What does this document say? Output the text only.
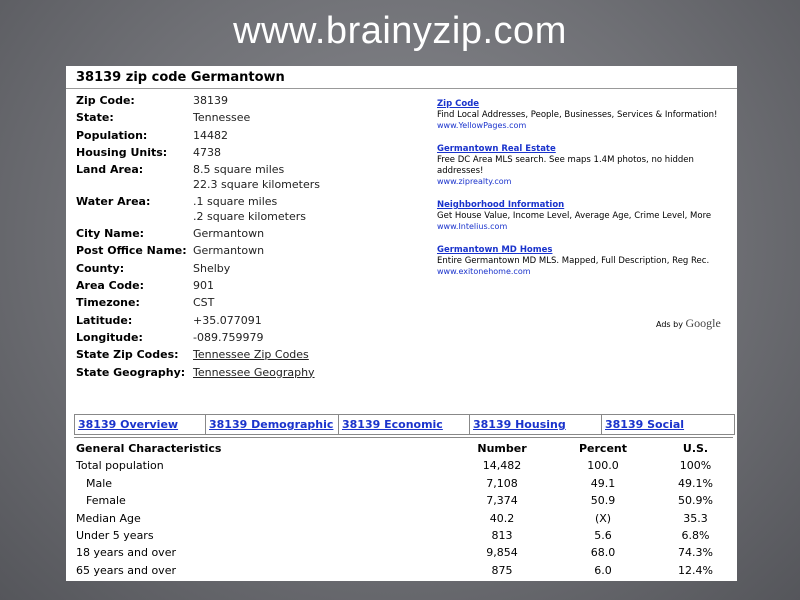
www.brainyzip.com
38139 zip code Germantown
Zip Code:	38139
State:	Tennessee
Population:	14482
Housing Units:	4738
Land Area:	8.5 square miles
22.3 square kilometers
Water Area:	.1 square miles
.2 square kilometers
City Name:	Germantown
Post Office Name: Germantown
County:	Shelby
Area Code:	901
Timezone:	CST
Latitude:	+35.077091
Longitude:	-089.759979
State Zip Codes:	Tennessee Zip Codes
State Geography: Tennessee Geography
Zip Code
Find Local Addresses, People, Businesses, Services & Information!
www.YellowPages.com
Germantown Real Estate
Free DC Area MLS search. See maps 1.4M photos, no hidden addresses!
www.ziprealty.com
Neighborhood Information
Get House Value, Income Level, Average Age, Crime Level, More
www.Intelius.com
Germantown MD Homes
Entire Germantown MD MLS. Mapped, Full Description, Reg Rec.
www.exitonehome.com
Ads by Google
38139 Overview	38139 Demographic 38139 Economic	38139 Housing	38139 Social
General Characteristics	Number	Percent	U.S.
Total population	14,482	100.0	100%
Male	7,108	49.1	49.1%
Female	7,374	50.9	50.9%
Median Age	40.2	(X)	35.3
Under 5 years	813	5.6	6.8%
18 years and over	9,854	68.0	74.3%
65 years and over	875	6.0	12.4%
